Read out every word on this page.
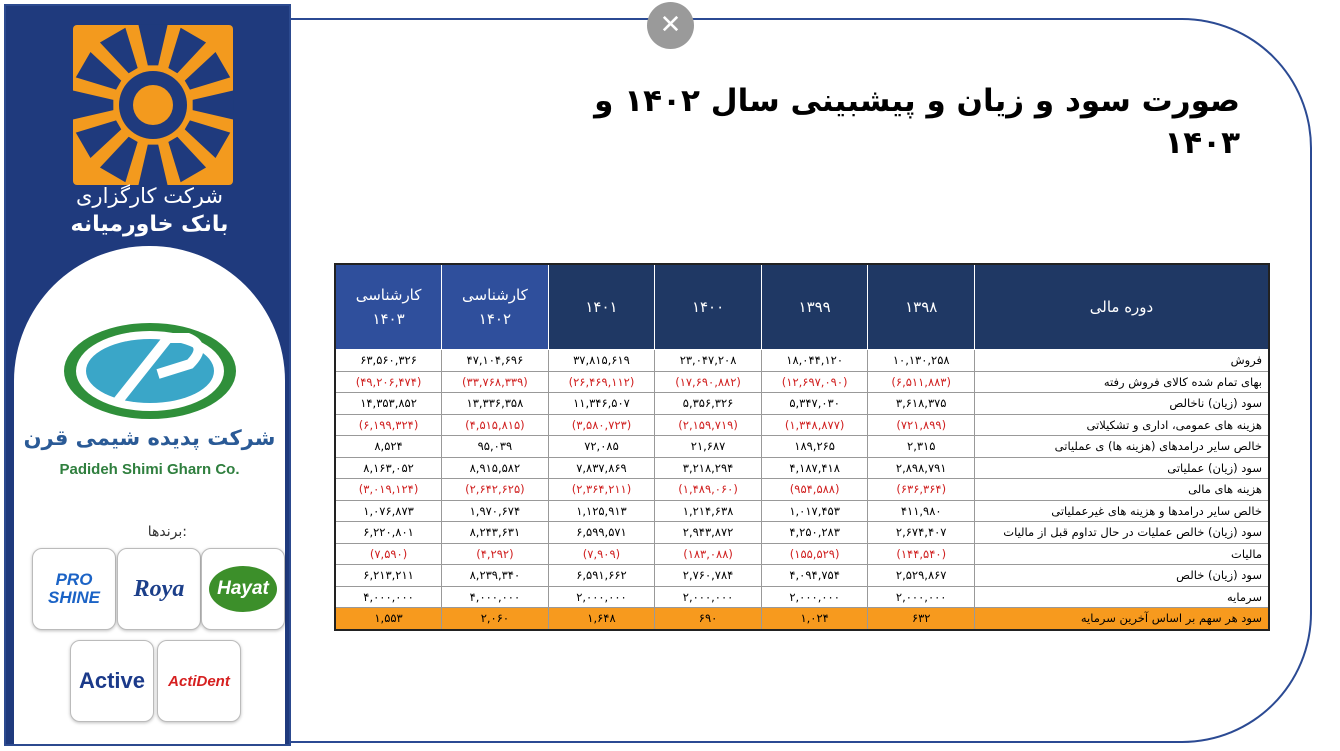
شرکت کارگزاری
بانک خاورمیانه
شرکت پدیده شیمی قرن
Padideh Shimi Gharn Co.
برندها:
PRO SHINE	Roya Hayat
Active ActiDent
✕
صورت سود و زیان و پیشبینی سال ۱۴۰۲ و ۱۴۰۳
دوره مالی	۱۳۹۸	۱۳۹۹	۱۴۰۰	۱۴۰۱	کارشناسی ۱۴۰۲	کارشناسی ۱۴۰۳
فروش	۱۰,۱۳۰,۲۵۸	۱۸,۰۴۴,۱۲۰	۲۳,۰۴۷,۲۰۸	۳۷,۸۱۵,۶۱۹	۴۷,۱۰۴,۶۹۶	۶۳,۵۶۰,۳۲۶
بهای تمام شده کالای فروش رفته	(۶,۵۱۱,۸۸۳)	(۱۲,۶۹۷,۰۹۰)	(۱۷,۶۹۰,۸۸۲)	(۲۶,۴۶۹,۱۱۲)	(۳۳,۷۶۸,۳۳۹)	(۴۹,۲۰۶,۴۷۴)
سود (زیان) ناخالص	۳,۶۱۸,۳۷۵	۵,۳۴۷,۰۳۰	۵,۳۵۶,۳۲۶	۱۱,۳۴۶,۵۰۷	۱۳,۳۳۶,۳۵۸	۱۴,۳۵۳,۸۵۲
هزینه های عمومی، اداری و تشکیلاتی	(۷۲۱,۸۹۹)	(۱,۳۴۸,۸۷۷)	(۲,۱۵۹,۷۱۹)	(۳,۵۸۰,۷۲۳)	(۴,۵۱۵,۸۱۵)	(۶,۱۹۹,۳۲۴)
خالص سایر درامدهای (هزینه ها) ی عملیاتی	۲,۳۱۵	۱۸۹,۲۶۵	۲۱,۶۸۷	۷۲,۰۸۵	۹۵,۰۳۹	۸,۵۲۴
سود (زیان) عملیاتی	۲,۸۹۸,۷۹۱	۴,۱۸۷,۴۱۸	۳,۲۱۸,۲۹۴	۷,۸۳۷,۸۶۹	۸,۹۱۵,۵۸۲	۸,۱۶۳,۰۵۲
هزینه های مالی	(۶۳۶,۳۶۴)	(۹۵۴,۵۸۸)	(۱,۴۸۹,۰۶۰)	(۲,۳۶۴,۲۱۱)	(۲,۶۴۲,۶۲۵)	(۳,۰۱۹,۱۲۴)
خالص سایر درامدها و هزینه های غیرعملیاتی	۴۱۱,۹۸۰	۱,۰۱۷,۴۵۳	۱,۲۱۴,۶۳۸	۱,۱۲۵,۹۱۳	۱,۹۷۰,۶۷۴	۱,۰۷۶,۸۷۳
سود (زیان) خالص عملیات در حال تداوم قبل از مالیات	۲,۶۷۴,۴۰۷	۴,۲۵۰,۲۸۳	۲,۹۴۳,۸۷۲	۶,۵۹۹,۵۷۱	۸,۲۴۳,۶۳۱	۶,۲۲۰,۸۰۱
مالیات	(۱۴۴,۵۴۰)	(۱۵۵,۵۲۹)	(۱۸۳,۰۸۸)	(۷,۹۰۹)	(۴,۲۹۲)	(۷,۵۹۰)
سود (زیان) خالص	۲,۵۲۹,۸۶۷	۴,۰۹۴,۷۵۴	۲,۷۶۰,۷۸۴	۶,۵۹۱,۶۶۲	۸,۲۳۹,۳۴۰	۶,۲۱۳,۲۱۱
سرمایه	۲,۰۰۰,۰۰۰	۲,۰۰۰,۰۰۰	۲,۰۰۰,۰۰۰	۲,۰۰۰,۰۰۰	۴,۰۰۰,۰۰۰	۴,۰۰۰,۰۰۰
سود هر سهم بر اساس آخرین سرمایه	۶۳۲	۱,۰۲۴	۶۹۰	۱,۶۴۸	۲,۰۶۰	۱,۵۵۳
